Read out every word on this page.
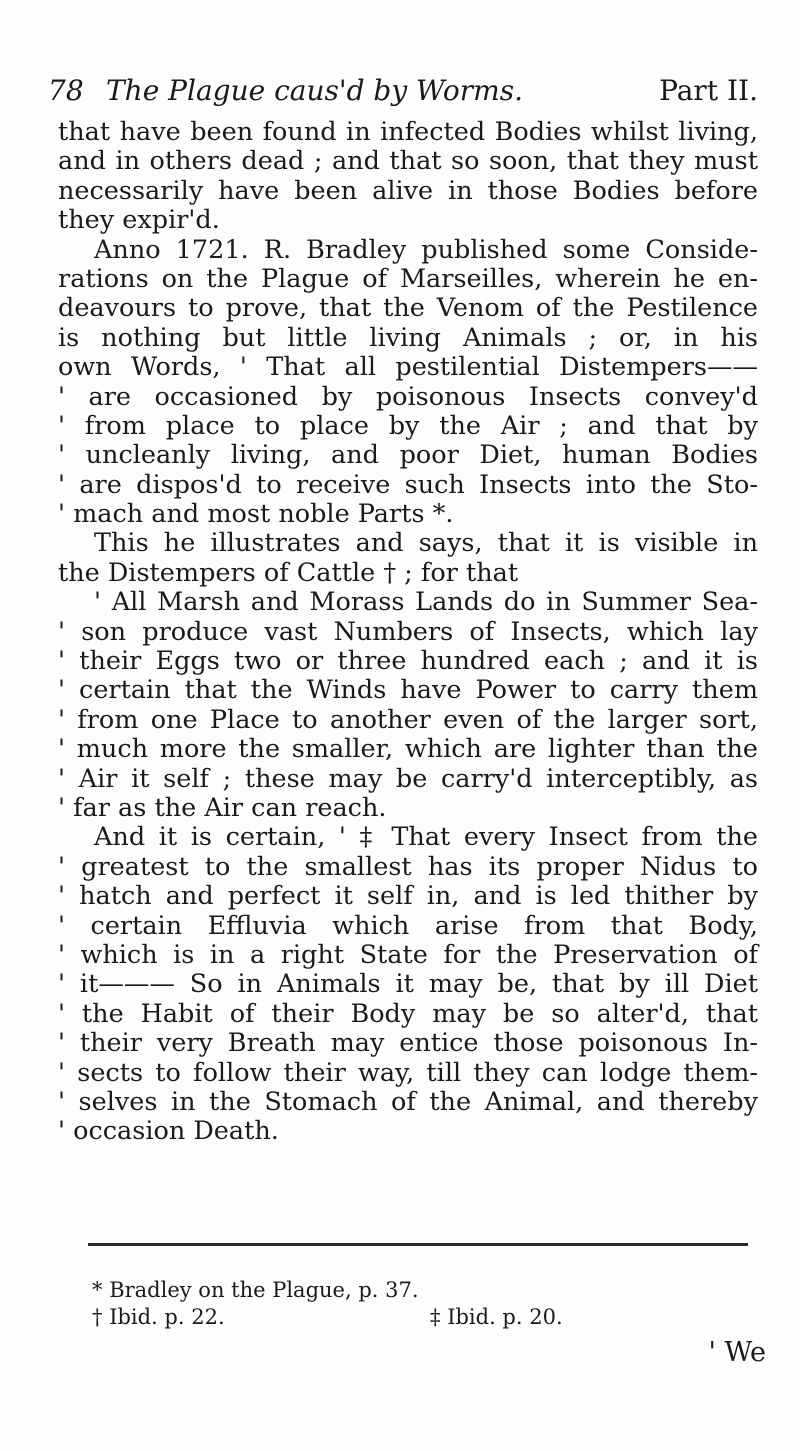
78 The Plague caus'd by Worms.	Part II.
that have been found in infected Bodies whilst living,
and in others dead ; and that so soon, that they must
necessarily have been alive in those Bodies before
they expir'd.
Anno 1721. R. Bradley published some Conside-
rations on the Plague of Marseilles, wherein he en-
deavours to prove, that the Venom of the Pestilence
is nothing but little living Animals ; or, in his
own Words, ' That all pestilential Distempers——
' are occasioned by poisonous Insects convey'd
' from place to place by the Air ; and that by
' uncleanly living, and poor Diet, human Bodies
' are dispos'd to receive such Insects into the Sto-
' mach and most noble Parts *.
This he illustrates and says, that it is visible in
the Distempers of Cattle † ; for that
' All Marsh and Morass Lands do in Summer Sea-
' son produce vast Numbers of Insects, which lay
' their Eggs two or three hundred each ; and it is
' certain that the Winds have Power to carry them
' from one Place to another even of the larger sort,
' much more the smaller, which are lighter than the
' Air it self ; these may be carry'd interceptibly, as
' far as the Air can reach.
And it is certain, ' ‡ That every Insect from the
' greatest to the smallest has its proper Nidus to
' hatch and perfect it self in, and is led thither by
' certain Effluvia which arise from that Body,
' which is in a right State for the Preservation of
' it——— So in Animals it may be, that by ill Diet
' the Habit of their Body may be so alter'd, that
' their very Breath may entice those poisonous In-
' sects to follow their way, till they can lodge them-
' selves in the Stomach of the Animal, and thereby
' occasion Death.
* Bradley on the Plague, p. 37.
† Ibid. p. 22.	‡ Ibid. p. 20.
' We
